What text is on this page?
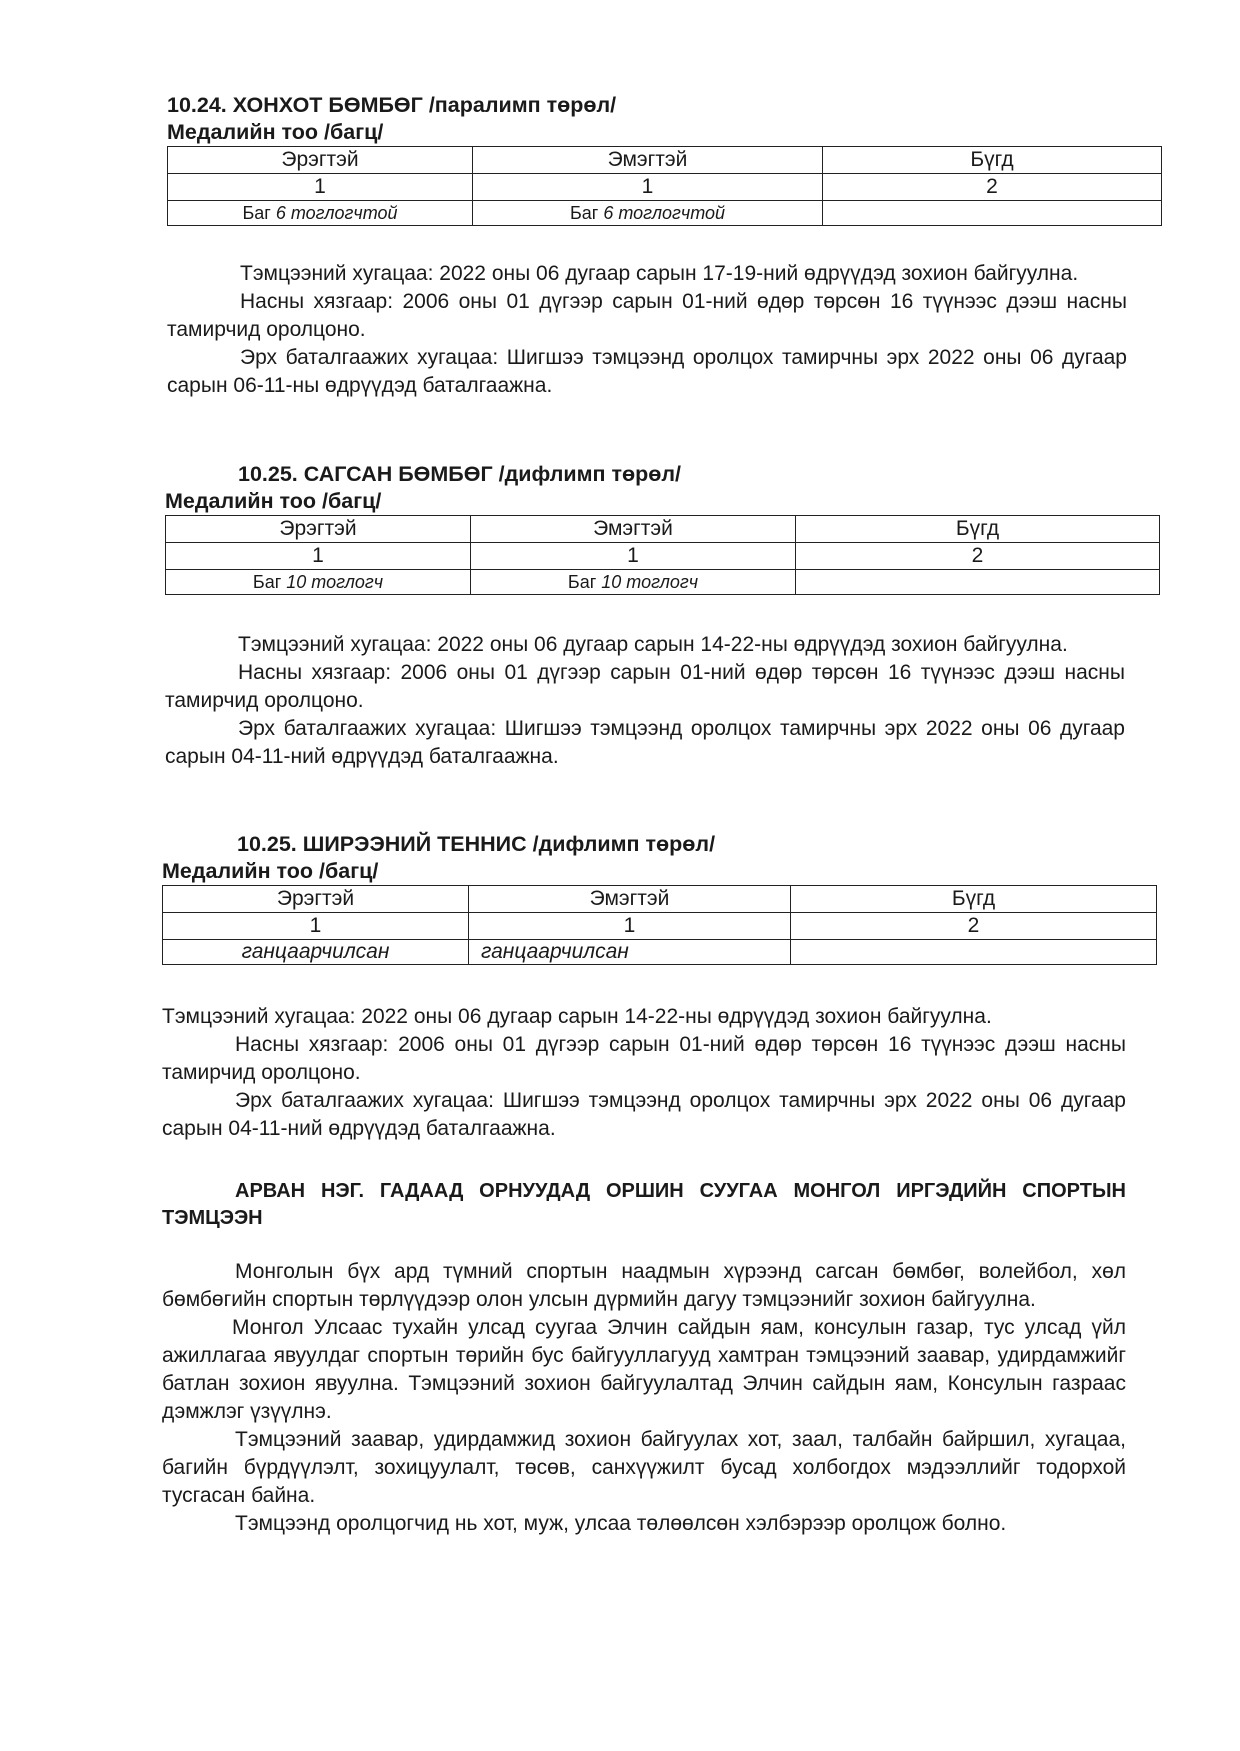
10.24. ХОНХОТ БӨМБӨГ /паралимп төрөл/
Медалийн тоо /багц/
Эрэгтэй	Эмэгтэй	Бүгд
1	1	2
Баг 6 тоглогчтой	Баг 6 тоглогчтой	

Тэмцээний хугацаа: 2022 оны 06 дугаар сарын 17-19-ний өдрүүдэд зохион байгуулна.

Насны хязгаар: 2006 оны 01 дүгээр сарын 01-ний өдөр төрсөн 16 түүнээс дээш насны тамирчид оролцоно.

Эрх баталгаажих хугацаа: Шигшээ тэмцээнд оролцох тамирчны эрх 2022 оны 06 дугаар сарын 06-11-ны өдрүүдэд баталгаажна.

10.25. САГСАН БӨМБӨГ /дифлимп төрөл/
Медалийн тоо /багц/
Эрэгтэй	Эмэгтэй	Бүгд
1	1	2
Баг 10 тоглогч	Баг 10 тоглогч	

Тэмцээний хугацаа: 2022 оны 06 дугаар сарын 14-22-ны өдрүүдэд зохион байгуулна.

Насны хязгаар: 2006 оны 01 дүгээр сарын 01-ний өдөр төрсөн 16 түүнээс дээш насны тамирчид оролцоно.

Эрх баталгаажих хугацаа: Шигшээ тэмцээнд оролцох тамирчны эрх 2022 оны 06 дугаар сарын 04-11-ний өдрүүдэд баталгаажна.

10.25. ШИРЭЭНИЙ ТЕННИС /дифлимп төрөл/
Медалийн тоо /багц/
Эрэгтэй	Эмэгтэй	Бүгд
1	1	2
ганцаарчилсан	ганцаарчилсан	

Тэмцээний хугацаа: 2022 оны 06 дугаар сарын 14-22-ны өдрүүдэд зохион байгуулна.

Насны хязгаар: 2006 оны 01 дүгээр сарын 01-ний өдөр төрсөн 16 түүнээс дээш насны тамирчид оролцоно.

Эрх баталгаажих хугацаа: Шигшээ тэмцээнд оролцох тамирчны эрх 2022 оны 06 дугаар сарын 04-11-ний өдрүүдэд баталгаажна.

АРВАН НЭГ. ГАДААД ОРНУУДАД ОРШИН СУУГАА МОНГОЛ ИРГЭДИЙН СПОРТЫН ТЭМЦЭЭН

Монголын бүх ард түмний спортын наадмын хүрээнд сагсан бөмбөг, волейбол, хөл бөмбөгийн спортын төрлүүдээр олон улсын дүрмийн дагуу тэмцээнийг зохион байгуулна.

Монгол Улсаас тухайн улсад суугаа Элчин сайдын яам, консулын газар, тус улсад үйл ажиллагаа явуулдаг спортын төрийн бус байгууллагууд хамтран тэмцээний заавар, удирдамжийг батлан зохион явуулна. Тэмцээний зохион байгуулалтад Элчин сайдын яам, Консулын газраас дэмжлэг үзүүлнэ.

Тэмцээний заавар, удирдамжид зохион байгуулах хот, заал, талбайн байршил, хугацаа, багийн бүрдүүлэлт, зохицуулалт, төсөв, санхүүжилт бусад холбогдох мэдээллийг тодорхой тусгасан байна.

Тэмцээнд оролцогчид нь хот, муж, улсаа төлөөлсөн хэлбэрээр оролцож болно.
